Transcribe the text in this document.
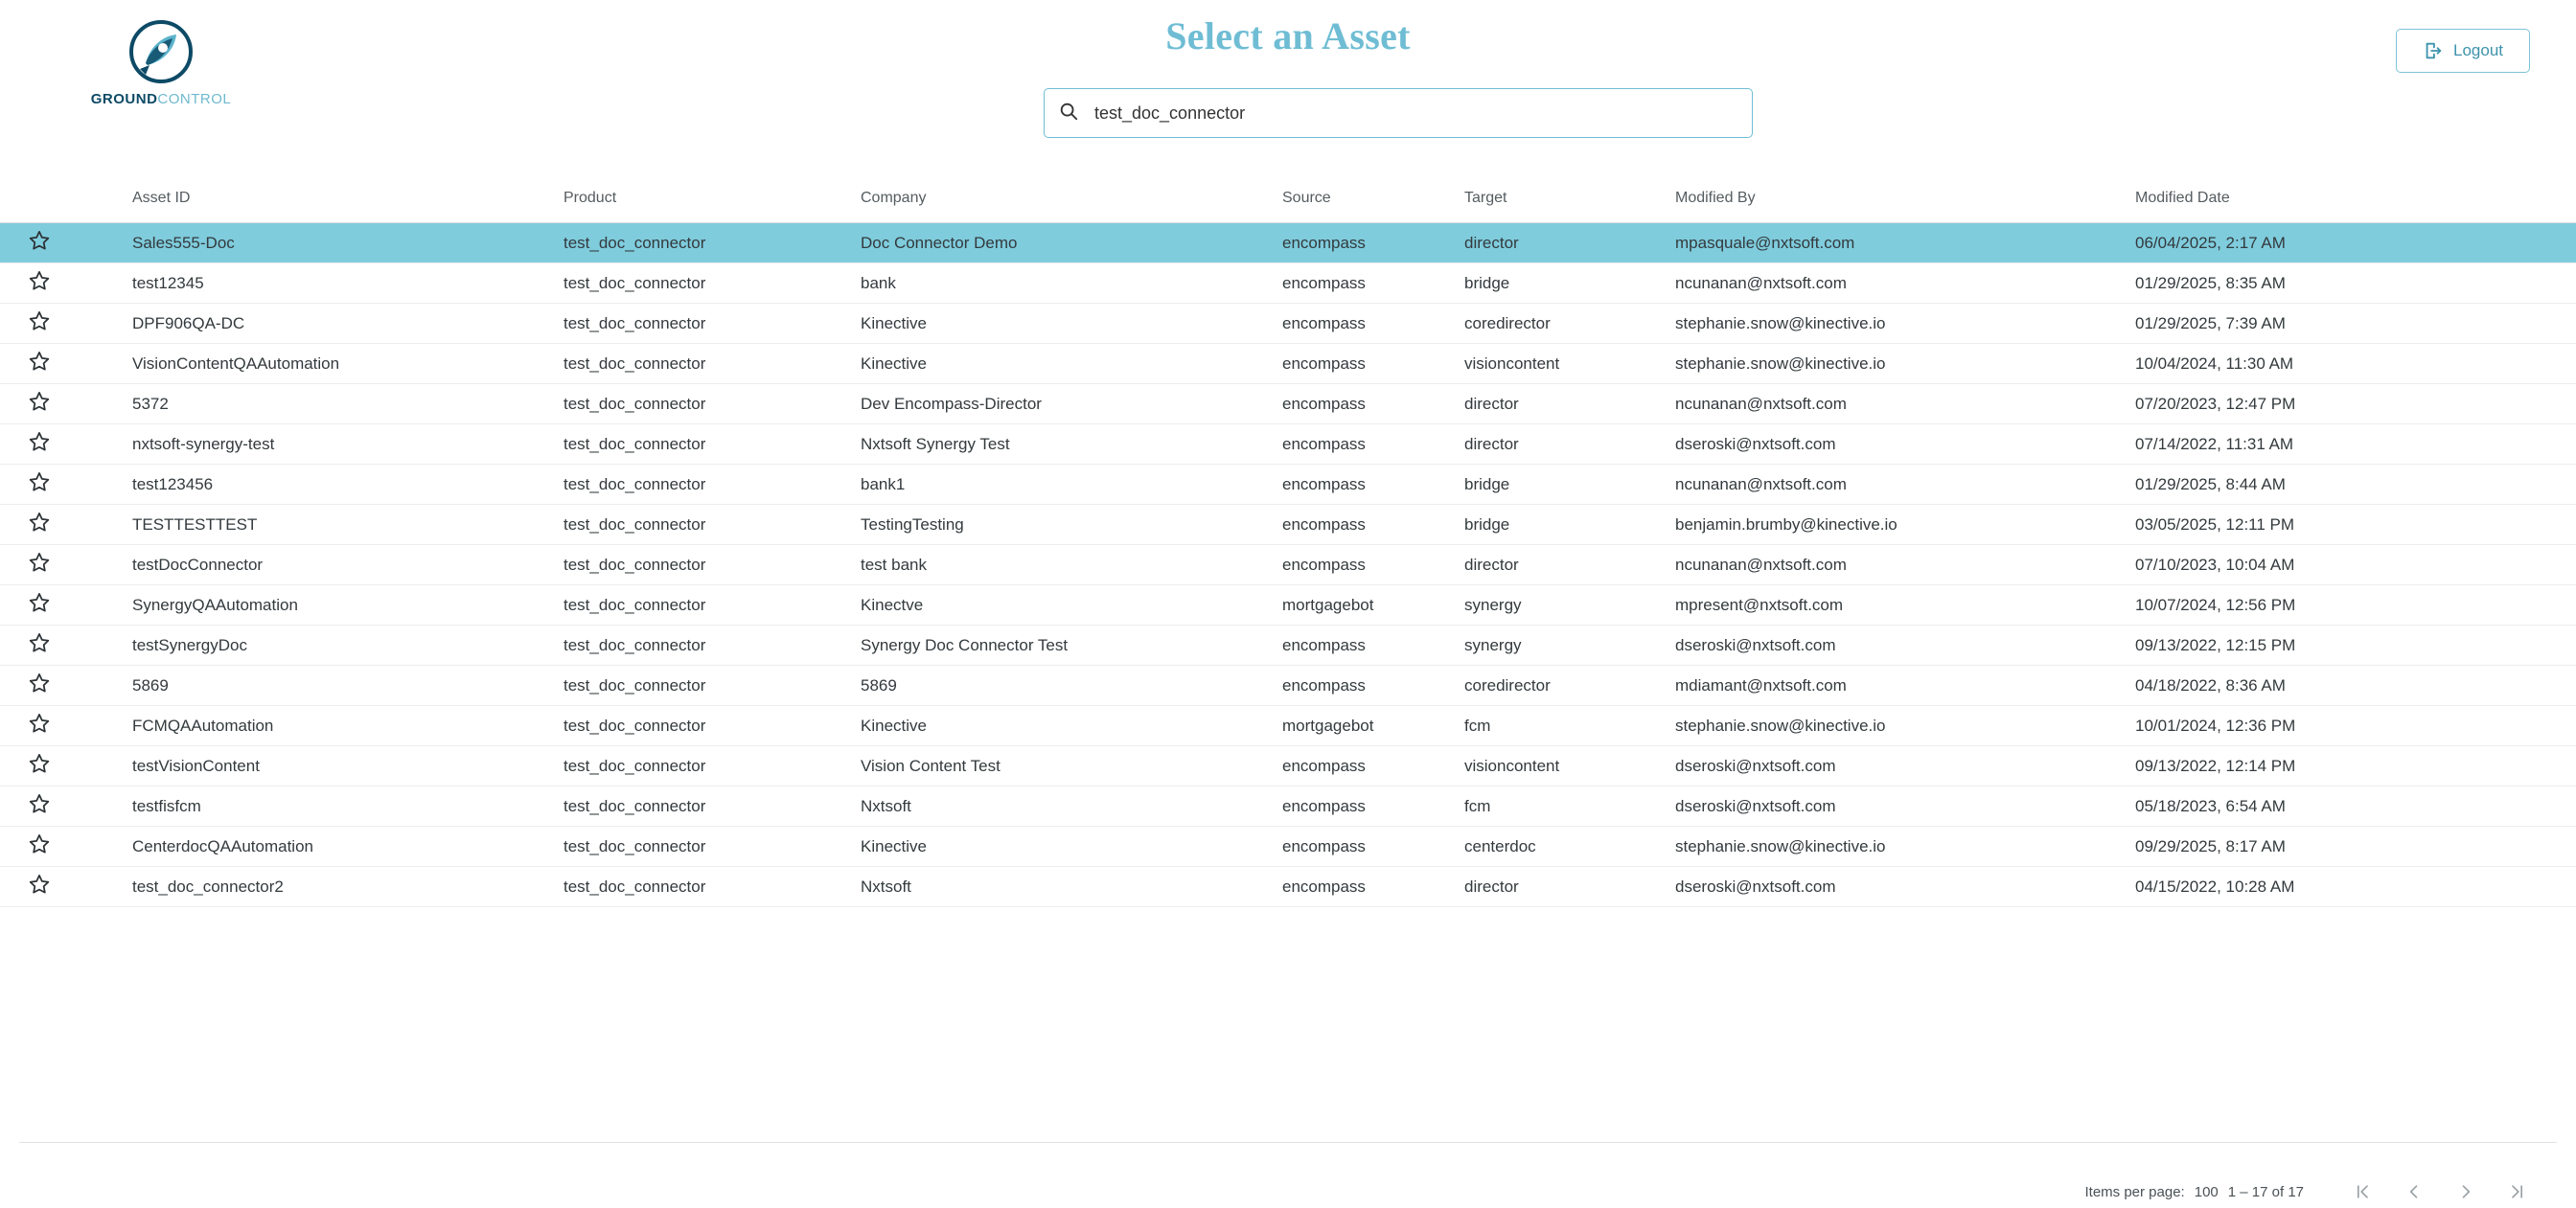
GROUNDCONTROL
Select an Asset	Logout
test_doc_connector
		Asset ID	Product	Company	Source	Target	Modified By	Modified Date

		Sales555-Doc	test_doc_connector	Doc Connector Demo	encompass	director	mpasquale@nxtsoft.com	06/04/2025, 2:17 AM

		test12345	test_doc_connector	bank	encompass	bridge	ncunanan@nxtsoft.com	01/29/2025, 8:35 AM

		DPF906QA-DC	test_doc_connector	Kinective	encompass	coredirector	stephanie.snow@kinective.io	01/29/2025, 7:39 AM

		VisionContentQAAutomation	test_doc_connector	Kinective	encompass	visioncontent	stephanie.snow@kinective.io	10/04/2024, 11:30 AM

		5372	test_doc_connector	Dev Encompass-Director	encompass	director	ncunanan@nxtsoft.com	07/20/2023, 12:47 PM

		nxtsoft-synergy-test	test_doc_connector	Nxtsoft Synergy Test	encompass	director	dseroski@nxtsoft.com	07/14/2022, 11:31 AM

		test123456	test_doc_connector	bank1	encompass	bridge	ncunanan@nxtsoft.com	01/29/2025, 8:44 AM

		TESTTESTTEST	test_doc_connector	TestingTesting	encompass	bridge	benjamin.brumby@kinective.io	03/05/2025, 12:11 PM

		testDocConnector	test_doc_connector	test bank	encompass	director	ncunanan@nxtsoft.com	07/10/2023, 10:04 AM

		SynergyQAAutomation	test_doc_connector	Kinectve	mortgagebot	synergy	mpresent@nxtsoft.com	10/07/2024, 12:56 PM

		testSynergyDoc	test_doc_connector	Synergy Doc Connector Test	encompass	synergy	dseroski@nxtsoft.com	09/13/2022, 12:15 PM

		5869	test_doc_connector	5869	encompass	coredirector	mdiamant@nxtsoft.com	04/18/2022, 8:36 AM

		FCMQAAutomation	test_doc_connector	Kinective	mortgagebot	fcm	stephanie.snow@kinective.io	10/01/2024, 12:36 PM

		testVisionContent	test_doc_connector	Vision Content Test	encompass	visioncontent	dseroski@nxtsoft.com	09/13/2022, 12:14 PM

		testfisfcm	test_doc_connector	Nxtsoft	encompass	fcm	dseroski@nxtsoft.com	05/18/2023, 6:54 AM

		CenterdocQAAutomation	test_doc_connector	Kinective	encompass	centerdoc	stephanie.snow@kinective.io	09/29/2025, 8:17 AM

		test_doc_connector2	test_doc_connector	Nxtsoft	encompass	director	dseroski@nxtsoft.com	04/15/2022, 10:28 AM
Items per page: 100 1 – 17 of 17
